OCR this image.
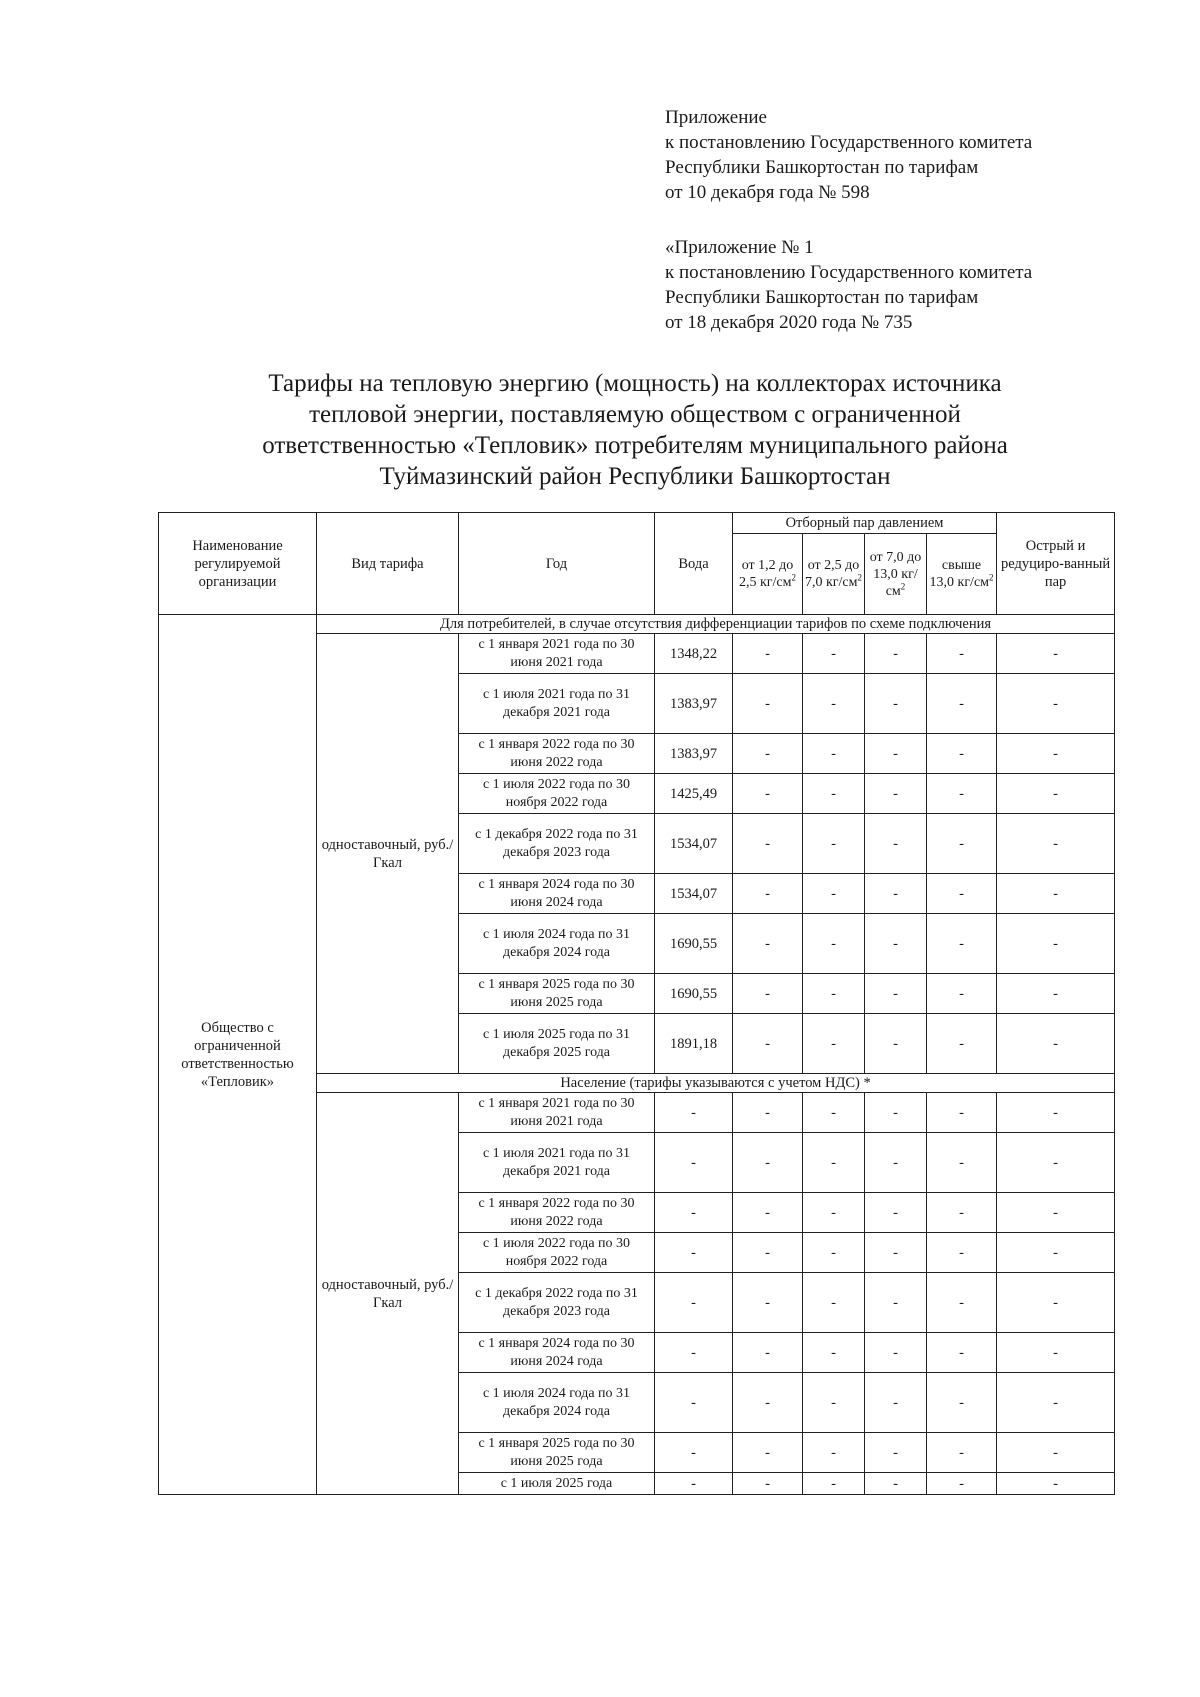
Приложение
к постановлению Государственного комитета
Республики Башкортостан по тарифам
от 10 декабря года № 598
«Приложение № 1
к постановлению Государственного комитета
Республики Башкортостан по тарифам
от 18 декабря 2020 года № 735
Тарифы на тепловую энергию (мощность) на коллекторах источника
тепловой энергии, поставляемую обществом с ограниченной
ответственностью «Тепловик» потребителям муниципального района
Туймазинский район Республики Башкортостан
Наименование регулируемой организации	Вид тарифа	Год	Вода	Отборный пар давлением				Острый и редуциро-ванный пар
				от 1,2 до 2,5 $кг/см^2$	от 2,5 до 7,0 $кг/см^2$	от 7,0 до 13,0 $кг/см^2$	свыше 13,0 $кг/см^2$
Общество с ограниченной ответственностью «Тепловик»	Для потребителей, в случае отсутствия дифференциации тарифов по схеме подключения							
	одноставочный, руб./Гкал	с 1 января 2021 года по 30 июня 2021 года	1348,22	-	-	-	-	-
		с 1 июля 2021 года по 31 декабря 2021 года	1383,97	-	-	-	-	-
		с 1 января 2022 года по 30 июня 2022 года	1383,97	-	-	-	-	-
		с 1 июля 2022 года по 30 ноября 2022 года	1425,49	-	-	-	-	-
		с 1 декабря 2022 года по 31 декабря 2023 года	1534,07	-	-	-	-	-
		с 1 января 2024 года по 30 июня 2024 года	1534,07	-	-	-	-	-
		с 1 июля 2024 года по 31 декабря 2024 года	1690,55	-	-	-	-	-
		с 1 января 2025 года по 30 июня 2025 года	1690,55	-	-	-	-	-
		с 1 июля 2025 года по 31 декабря 2025 года	1891,18	-	-	-	-	-
	Население (тарифы указываются с учетом НДС) *							
	одноставочный, руб./Гкал	с 1 января 2021 года по 30 июня 2021 года	-	-	-	-	-	-
		с 1 июля 2021 года по 31 декабря 2021 года	-	-	-	-	-	-
		с 1 января 2022 года по 30 июня 2022 года	-	-	-	-	-	-
		с 1 июля 2022 года по 30 ноября 2022 года	-	-	-	-	-	-
		с 1 декабря 2022 года по 31 декабря 2023 года	-	-	-	-	-	-
		с 1 января 2024 года по 30 июня 2024 года	-	-	-	-	-	-
		с 1 июля 2024 года по 31 декабря 2024 года	-	-	-	-	-	-
		с 1 января 2025 года по 30 июня 2025 года	-	-	-	-	-	-
		с 1 июля 2025 года	-	-	-	-	-	-
